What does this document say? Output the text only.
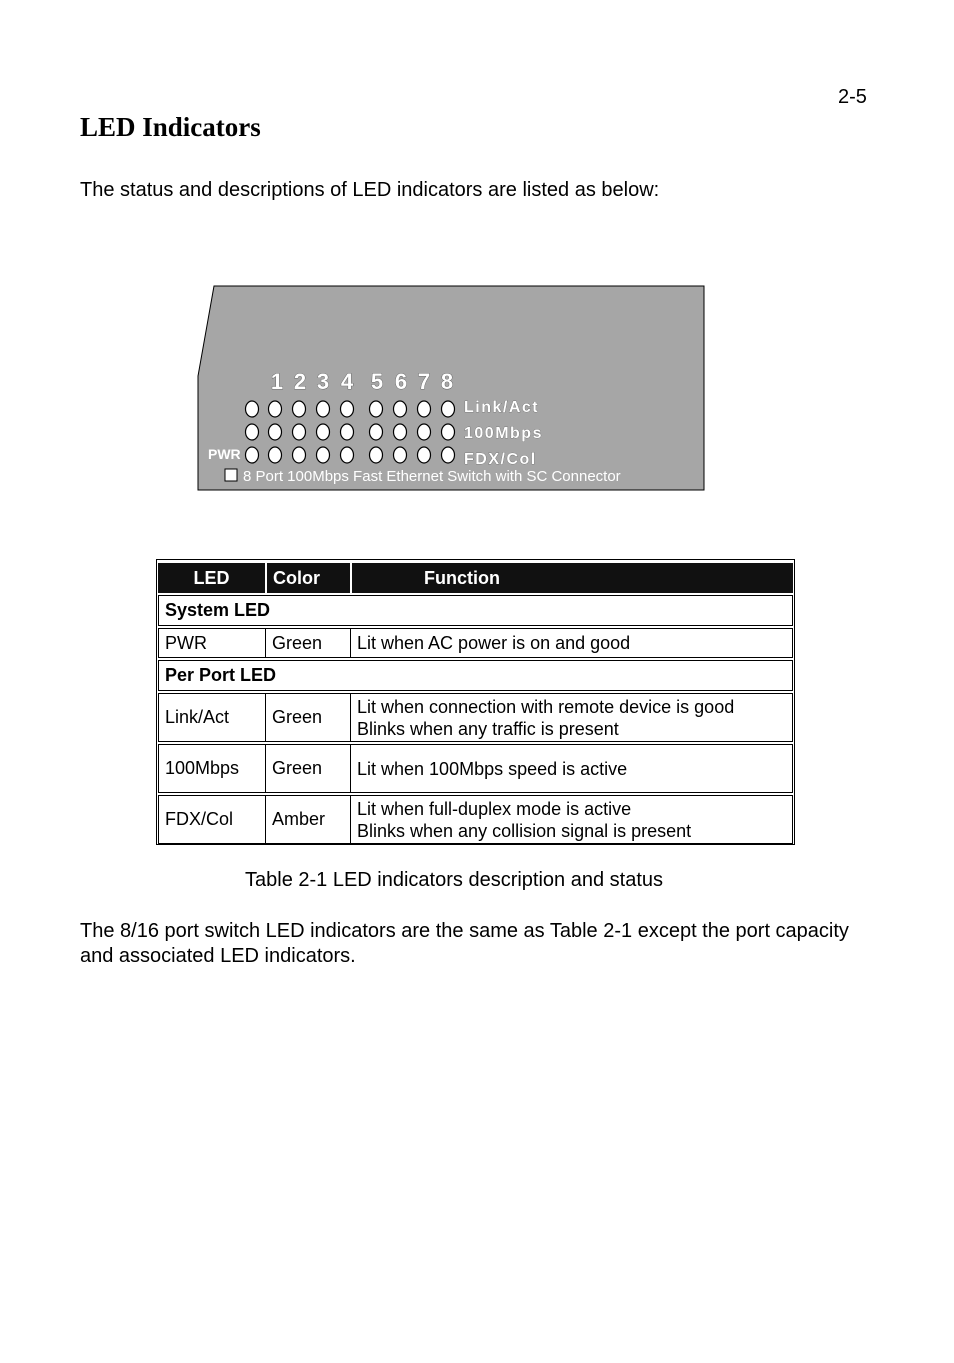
2-5
LED Indicators

The status and descriptions of LED indicators are listed as below:

1 2 3 4 5 6 7 8
Link/Act
100Mbps
FDX/Col
PWR
8 Port 100Mbps Fast Ethernet Switch with SC Connector
LED	Color	Function
System LED		
PWR	Green	Lit when AC power is on and good
Per Port LED		
Link/Act	Green	Lit when connection with remote device is good
Blinks when any traffic is present

100Mbps	Green	Lit when 100Mbps speed is active

FDX/Col	Amber	Lit when full-duplex mode is active
Blinks when any collision signal is present

Table 2-1 LED indicators description and status

The 8/16 port switch LED indicators are the same as Table 2-1 except the port capacity and associated LED indicators.
